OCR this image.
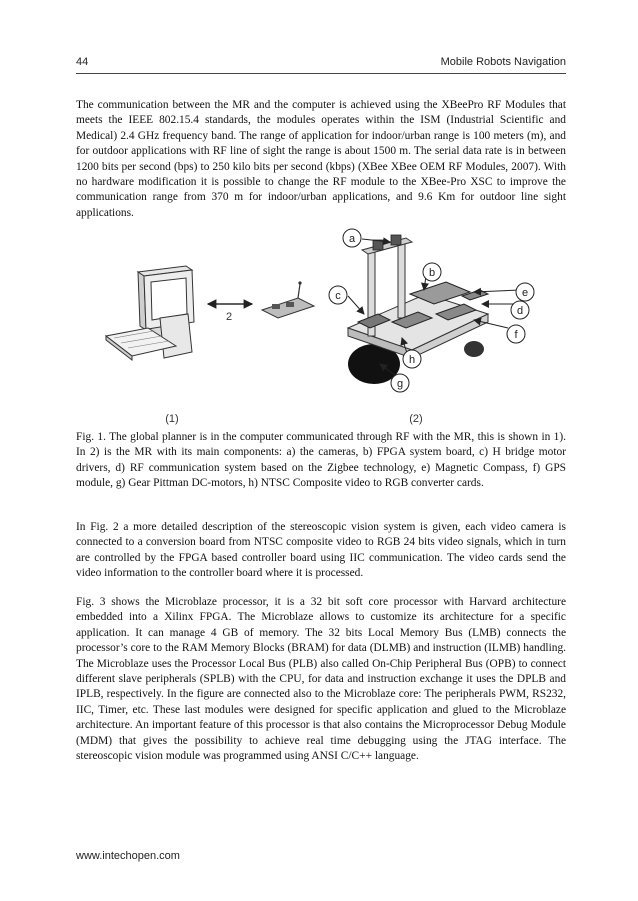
44	Mobile Robots Navigation

The communication between the MR and the computer is achieved using the XBeePro RF Modules that meets the IEEE 802.15.4 standards, the modules operates within the ISM (Industrial Scientific and Medical) 2.4 GHz frequency band. The range of application for indoor/urban range is 100 meters (m), and for outdoor applications with RF line of sight the range is about 1500 m. The serial data rate is in between 1200 bits per second (bps) to 250 kilo bits per second (kbps) (XBee XBee OEM RF Modules, 2007). With no hardware modification it is possible to change the RF module to the XBee-Pro XSC to improve the communication range from 370 m for indoor/urban applications, and 9.6 Km for outdoor line sight applications.

2
a
b
c
d
e
f
g
h
(1)	(2)

Fig. 1. The global planner is in the computer communicated through RF with the MR, this is shown in 1). In 2) is the MR with its main components: a) the cameras, b) FPGA system board, c) H bridge motor drivers, d) RF communication system based on the Zigbee technology, e) Magnetic Compass, f) GPS module, g) Gear Pittman DC-motors, h) NTSC Composite video to RGB converter cards.

In Fig. 2 a more detailed description of the stereoscopic vision system is given, each video camera is connected to a conversion board from NTSC composite video to RGB 24 bits video signals, which in turn are controlled by the FPGA based controller board using IIC communication. The video cards send the video information to the controller board where it is processed.

Fig. 3 shows the Microblaze processor, it is a 32 bit soft core processor with Harvard architecture embedded into a Xilinx FPGA. The Microblaze allows to customize its architecture for a specific application. It can manage 4 GB of memory. The 32 bits Local Memory Bus (LMB) connects the processor’s core to the RAM Memory Blocks (BRAM) for data (DLMB) and instruction (ILMB) handling. The Microblaze uses the Processor Local Bus (PLB) also called On-Chip Peripheral Bus (OPB) to connect different slave peripherals (SPLB) with the CPU, for data and instruction exchange it uses the DPLB and IPLB, respectively. In the figure are connected also to the Microblaze core: The peripherals PWM, RS232, IIC, Timer, etc. These last modules were designed for specific application and glued to the Microblaze architecture. An important feature of this processor is that also contains the Microprocessor Debug Module (MDM) that gives the possibility to achieve real time debugging using the JTAG interface. The stereoscopic vision module was programmed using ANSI C/C++ language.

www.intechopen.com
